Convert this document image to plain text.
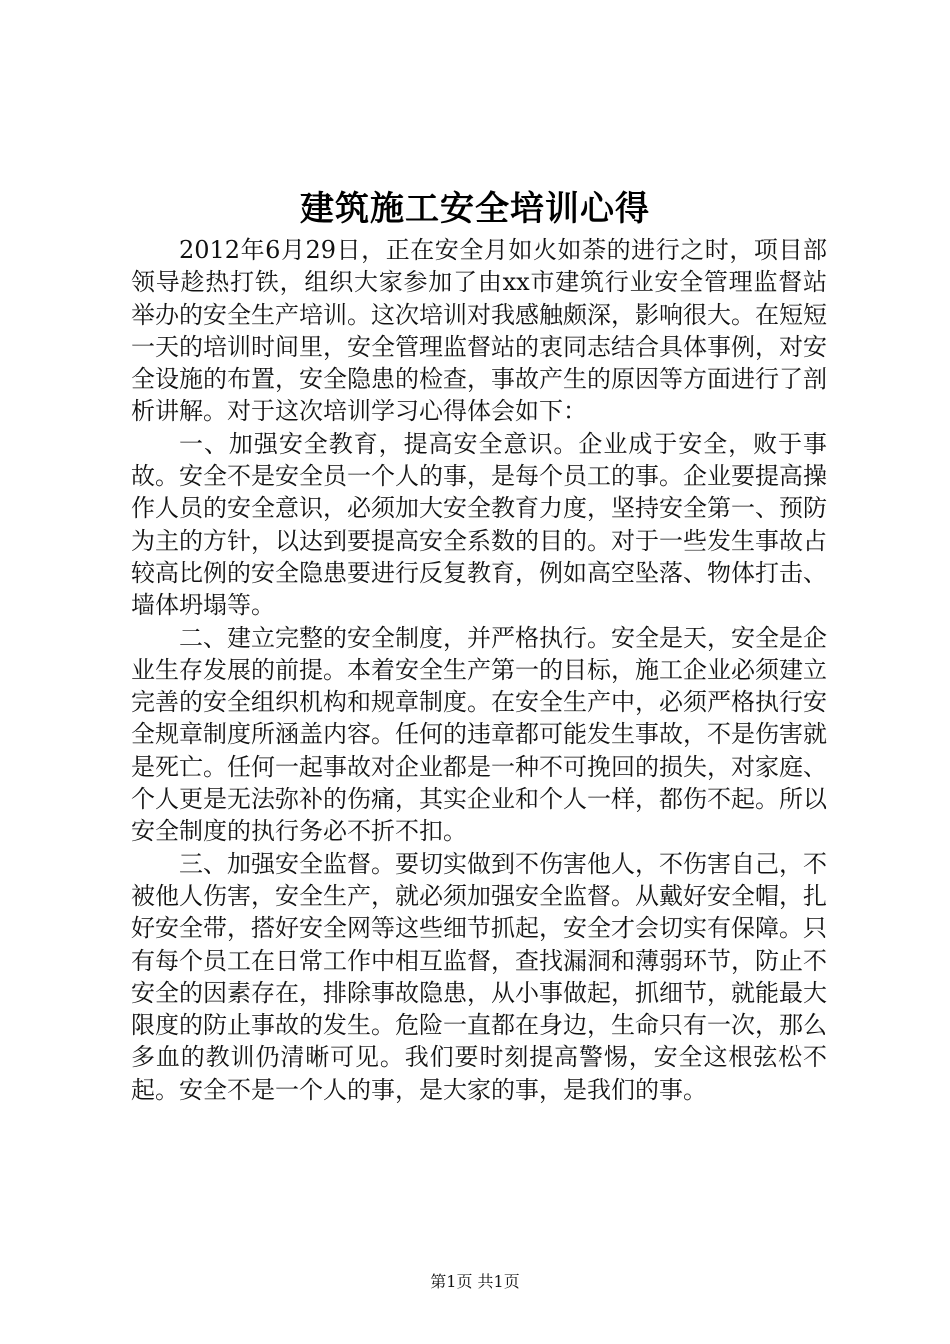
建筑施工安全培训心得

2012年6月29日，正在安全月如火如荼的进行之时，项目部领导趁热打铁，组织大家参加了由xx市建筑行业安全管理监督站举办的安全生产培训。这次培训对我感触颇深，影响很大。在短短一天的培训时间里，安全管理监督站的衷同志结合具体事例，对安全设施的布置，安全隐患的检查，事故产生的原因等方面进行了剖析讲解。对于这次培训学习心得体会如下：

一、加强安全教育，提高安全意识。企业成于安全，败于事故。安全不是安全员一个人的事，是每个员工的事。企业要提高操作人员的安全意识，必须加大安全教育力度，坚持安全第一、预防为主的方针，以达到要提高安全系数的目的。对于一些发生事故占较高比例的安全隐患要进行反复教育，例如高空坠落、物体打击、墙体坍塌等。

二、建立完整的安全制度，并严格执行。安全是天，安全是企业生存发展的前提。本着安全生产第一的目标，施工企业必须建立完善的安全组织机构和规章制度。在安全生产中，必须严格执行安全规章制度所涵盖内容。任何的违章都可能发生事故，不是伤害就是死亡。任何一起事故对企业都是一种不可挽回的损失，对家庭、个人更是无法弥补的伤痛，其实企业和个人一样，都伤不起。所以安全制度的执行务必不折不扣。

三、加强安全监督。要切实做到不伤害他人，不伤害自己，不被他人伤害，安全生产，就必须加强安全监督。从戴好安全帽，扎好安全带，搭好安全网等这些细节抓起，安全才会切实有保障。只有每个员工在日常工作中相互监督，查找漏洞和薄弱环节，防止不安全的因素存在，排除事故隐患，从小事做起，抓细节，就能最大限度的防止事故的发生。危险一直都在身边，生命只有一次，那么多血的教训仍清晰可见。我们要时刻提高警惕，安全这根弦松不起。安全不是一个人的事，是大家的事，是我们的事。

第1页 共1页
